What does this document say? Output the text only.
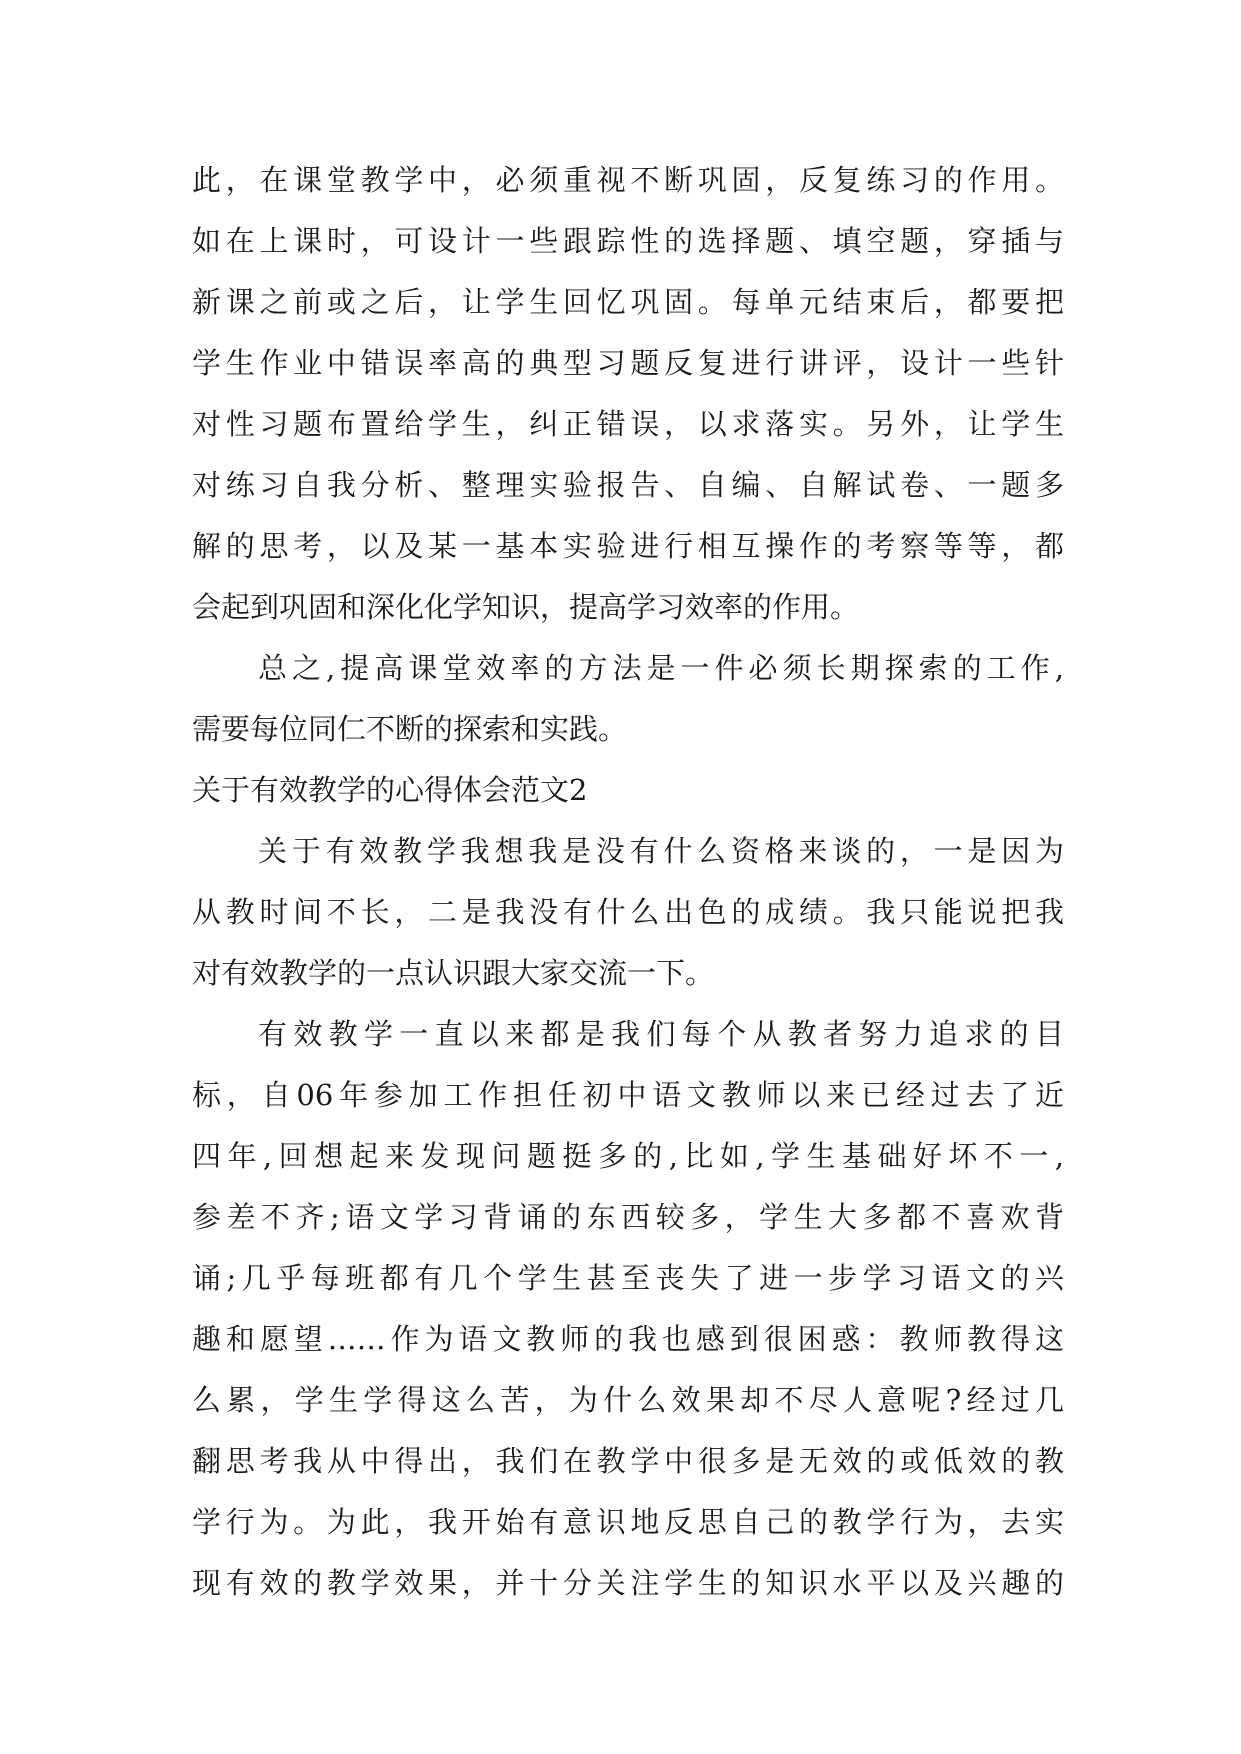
此，在课堂教学中，必须重视不断巩固，反复练习的作用。
如在上课时，可设计一些跟踪性的选择题、填空题，穿插与
新课之前或之后，让学生回忆巩固。每单元结束后，都要把
学生作业中错误率高的典型习题反复进行讲评，设计一些针
对性习题布置给学生，纠正错误，以求落实。另外，让学生
对练习自我分析、整理实验报告、自编、自解试卷、一题多
解的思考，以及某一基本实验进行相互操作的考察等等，都
会起到巩固和深化化学知识，提高学习效率的作用。
总之,提高课堂效率的方法是一件必须长期探索的工作,
需要每位同仁不断的探索和实践。
关于有效教学的心得体会范文2
关于有效教学我想我是没有什么资格来谈的，一是因为
从教时间不长，二是我没有什么出色的成绩。我只能说把我
对有效教学的一点认识跟大家交流一下。
有效教学一直以来都是我们每个从教者努力追求的目
标，自06年参加工作担任初中语文教师以来已经过去了近
四年,回想起来发现问题挺多的,比如,学生基础好坏不一,
参差不齐;语文学习背诵的东西较多，学生大多都不喜欢背
诵;几乎每班都有几个学生甚至丧失了进一步学习语文的兴
趣和愿望……作为语文教师的我也感到很困惑：教师教得这
么累，学生学得这么苦，为什么效果却不尽人意呢?经过几
翻思考我从中得出，我们在教学中很多是无效的或低效的教
学行为。为此，我开始有意识地反思自己的教学行为，去实
现有效的教学效果，并十分关注学生的知识水平以及兴趣的
